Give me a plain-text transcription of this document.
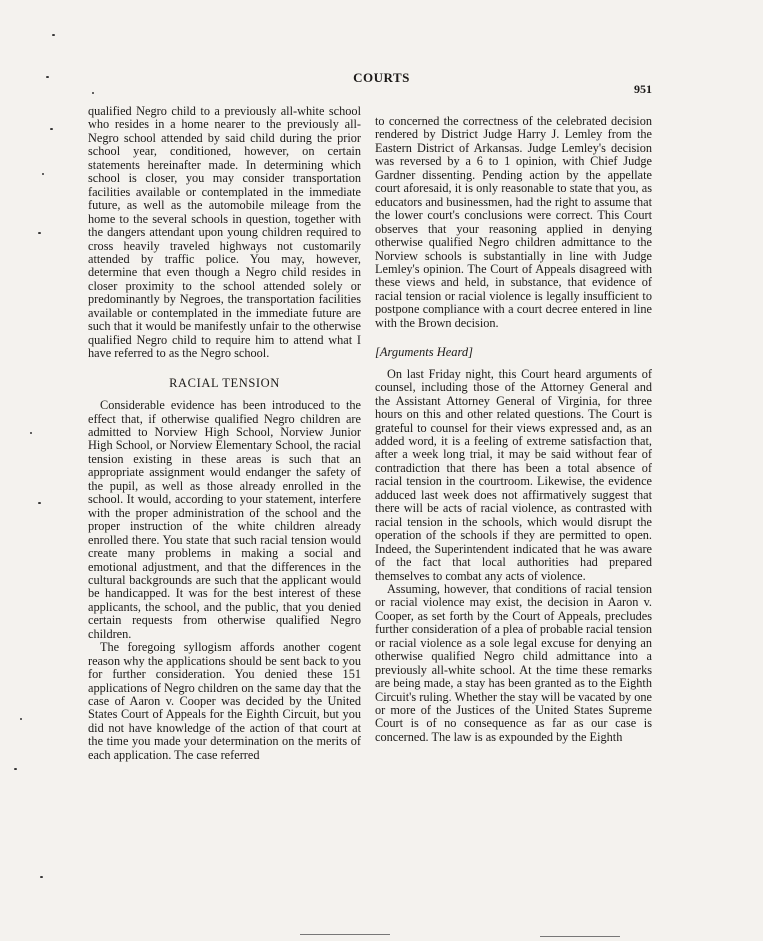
COURTS
951

qualified Negro child to a previously all-white school who resides in a home nearer to the previously all-Negro school attended by said child during the prior school year, conditioned, however, on certain statements hereinafter made. In determining which school is closer, you may consider transportation facilities available or contemplated in the immediate future, as well as the automobile mileage from the home to the several schools in question, together with the dangers attendant upon young children required to cross heavily traveled highways not customarily attended by traffic police. You may, however, determine that even though a Negro child resides in closer proximity to the school attended solely or predominantly by Negroes, the transportation facilities available or contemplated in the immediate future are such that it would be manifestly unfair to the otherwise qualified Negro child to require him to attend what I have referred to as the Negro school.

RACIAL TENSION

Considerable evidence has been introduced to the effect that, if otherwise qualified Negro children are admitted to Norview High School, Norview Junior High School, or Norview Elementary School, the racial tension existing in these areas is such that an appropriate assignment would endanger the safety of the pupil, as well as those already enrolled in the school. It would, according to your statement, interfere with the proper administration of the school and the proper instruction of the white children already enrolled there. You state that such racial tension would create many problems in making a social and emotional adjustment, and that the differences in the cultural backgrounds are such that the applicant would be handicapped. It was for the best interest of these applicants, the school, and the public, that you denied certain requests from otherwise qualified Negro children.

The foregoing syllogism affords another cogent reason why the applications should be sent back to you for further consideration. You denied these 151 applications of Negro children on the same day that the case of Aaron v. Cooper was decided by the United States Court of Appeals for the Eighth Circuit, but you did not have knowledge of the action of that court at the time you made your determination on the merits of each application. The case referred

to concerned the correctness of the celebrated decision rendered by District Judge Harry J. Lemley from the Eastern District of Arkansas. Judge Lemley's decision was reversed by a 6 to 1 opinion, with Chief Judge Gardner dissenting. Pending action by the appellate court aforesaid, it is only reasonable to state that you, as educators and businessmen, had the right to assume that the lower court's conclusions were correct. This Court observes that your reasoning applied in denying otherwise qualified Negro children admittance to the Norview schools is substantially in line with Judge Lemley's opinion. The Court of Appeals disagreed with these views and held, in substance, that evidence of racial tension or racial violence is legally insufficient to postpone compliance with a court decree entered in line with the Brown decision.

[Arguments Heard]

On last Friday night, this Court heard arguments of counsel, including those of the Attorney General and the Assistant Attorney General of Virginia, for three hours on this and other related questions. The Court is grateful to counsel for their views expressed and, as an added word, it is a feeling of extreme satisfaction that, after a week long trial, it may be said without fear of contradiction that there has been a total absence of racial tension in the courtroom. Likewise, the evidence adduced last week does not affirmatively suggest that there will be acts of racial violence, as contrasted with racial tension in the schools, which would disrupt the operation of the schools if they are permitted to open. Indeed, the Superintendent indicated that he was aware of the fact that local authorities had prepared themselves to combat any acts of violence.

Assuming, however, that conditions of racial tension or racial violence may exist, the decision in Aaron v. Cooper, as set forth by the Court of Appeals, precludes further consideration of a plea of probable racial tension or racial violence as a sole legal excuse for denying an otherwise qualified Negro child admittance into a previously all-white school. At the time these remarks are being made, a stay has been granted as to the Eighth Circuit's ruling. Whether the stay will be vacated by one or more of the Justices of the United States Supreme Court is of no consequence as far as our case is concerned. The law is as expounded by the Eighth
